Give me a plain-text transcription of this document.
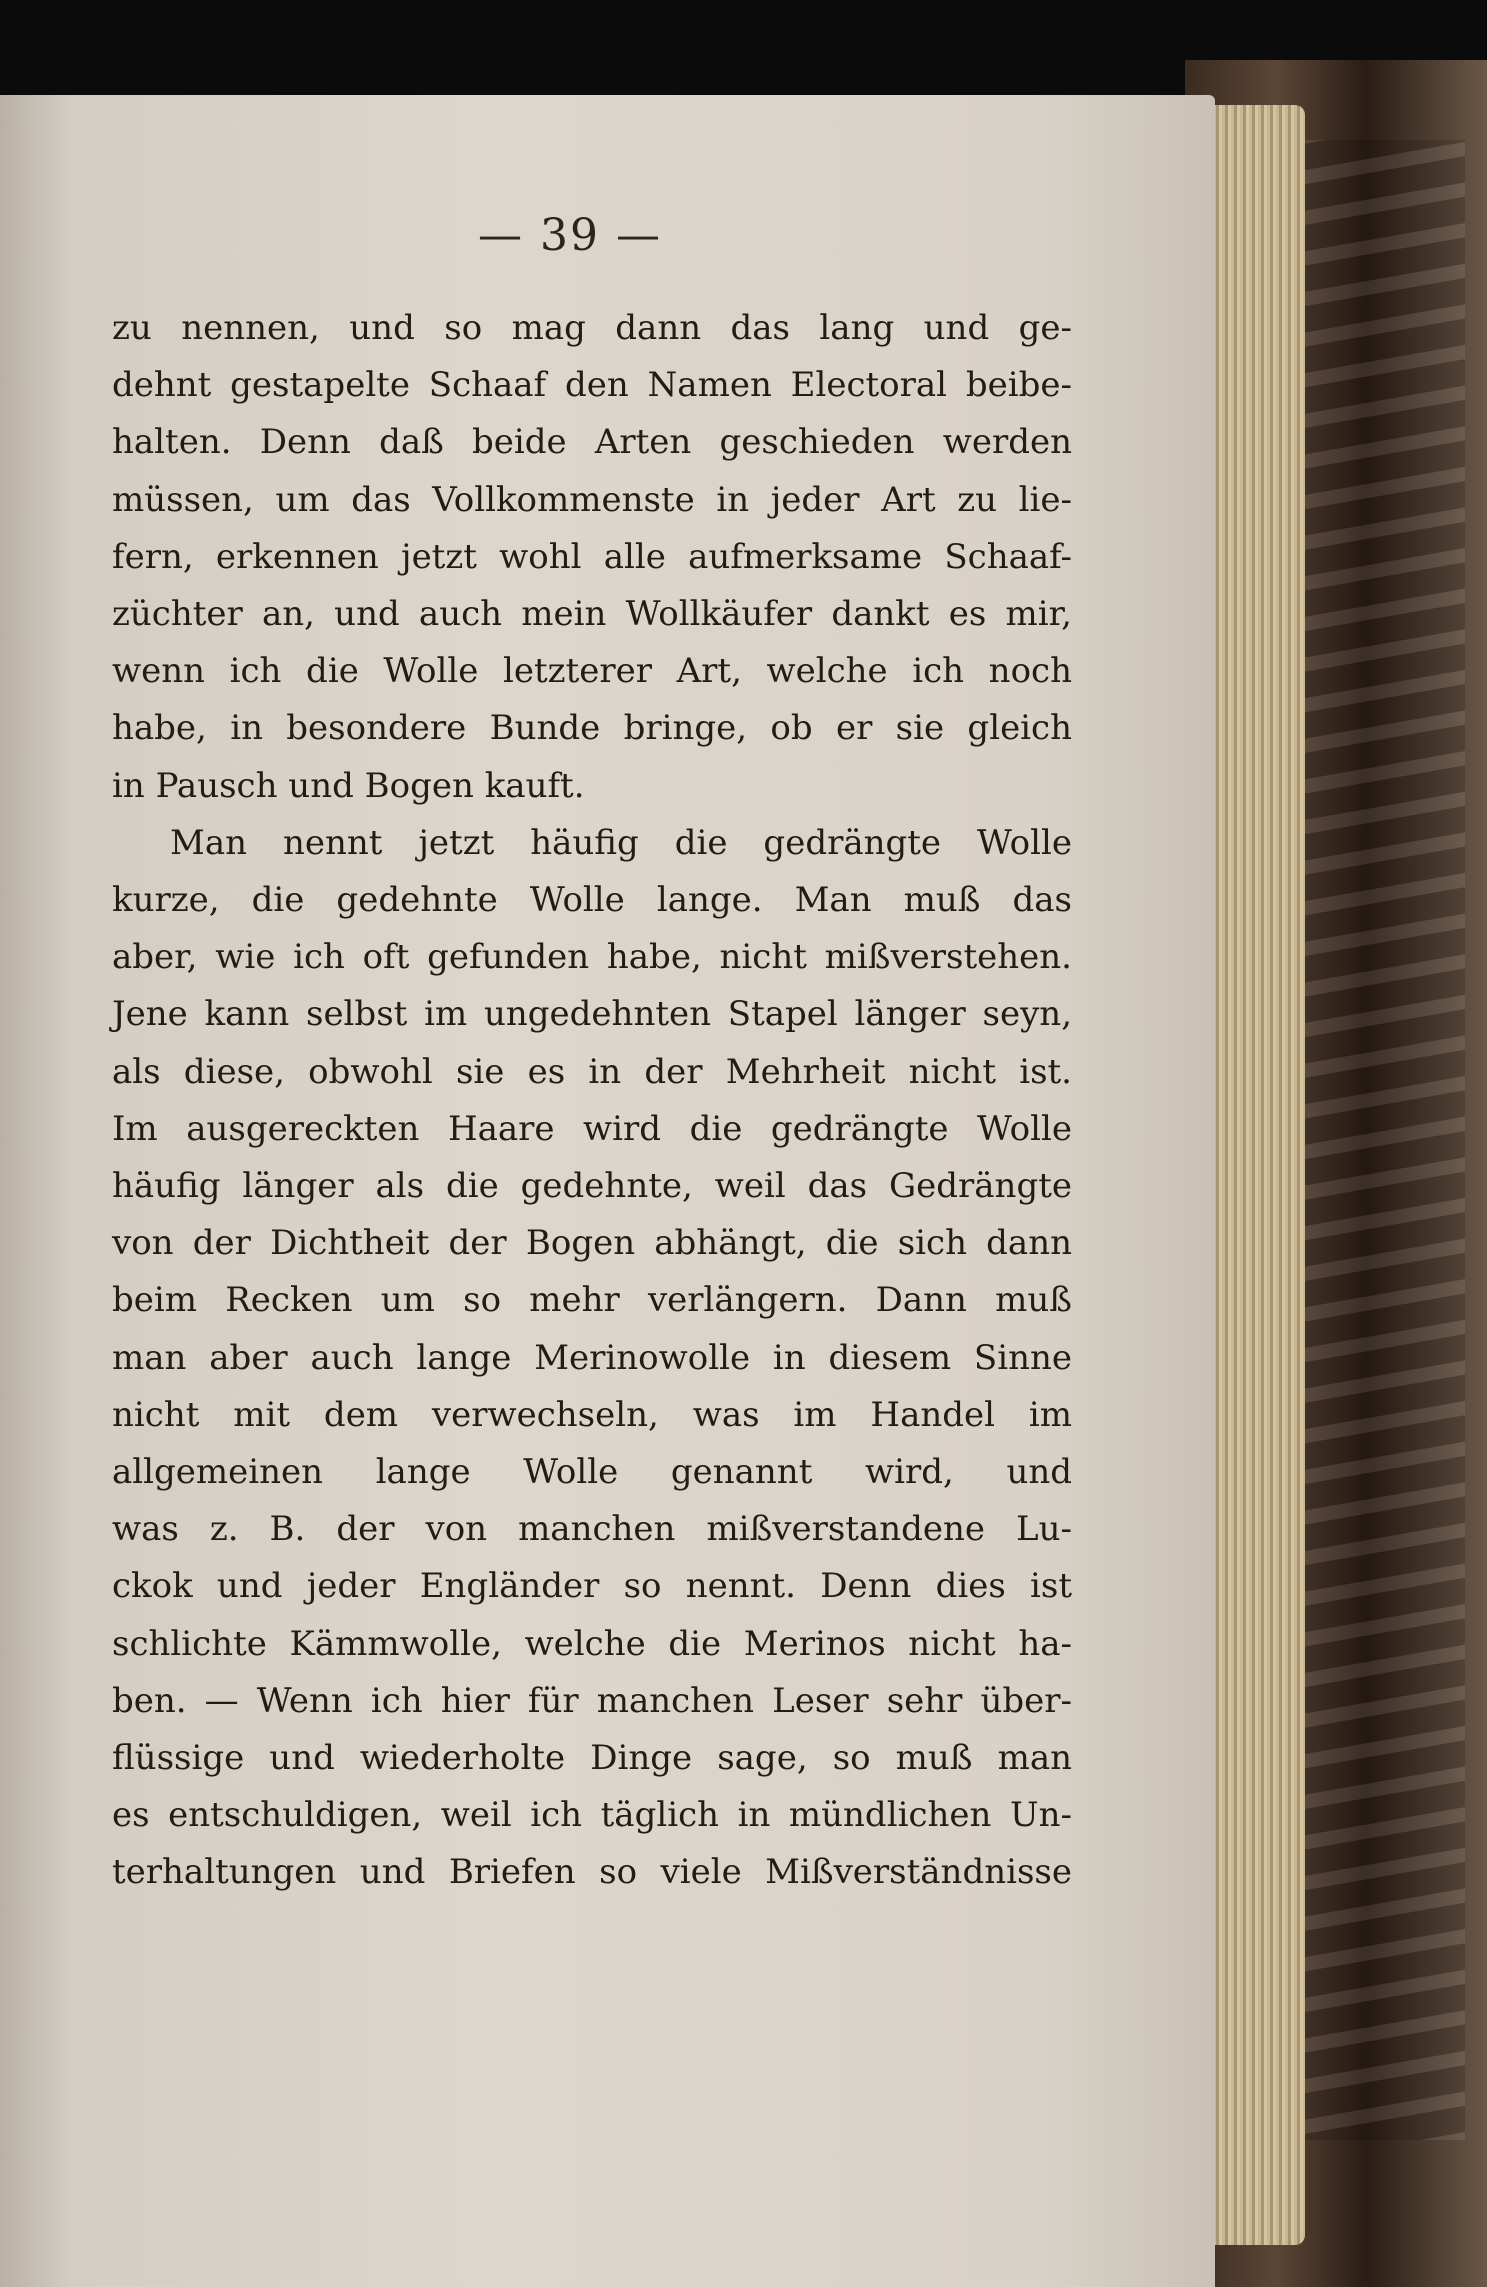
— 39 —
zu nennen, und so mag dann das lang und ge-
dehnt gestapelte Schaaf den Namen Electoral beibe-
halten. Denn daß beide Arten geschieden werden
müssen, um das Vollkommenste in jeder Art zu lie-
fern, erkennen jetzt wohl alle aufmerksame Schaaf-
züchter an, und auch mein Wollkäufer dankt es mir,
wenn ich die Wolle letzterer Art, welche ich noch
habe, in besondere Bunde bringe, ob er sie gleich
in Pausch und Bogen kauft.
Man nennt jetzt häufig die gedrängte Wolle
kurze, die gedehnte Wolle lange. Man muß das
aber, wie ich oft gefunden habe, nicht mißverstehen.
Jene kann selbst im ungedehnten Stapel länger seyn,
als diese, obwohl sie es in der Mehrheit nicht ist.
Im ausgereckten Haare wird die gedrängte Wolle
häufig länger als die gedehnte, weil das Gedrängte
von der Dichtheit der Bogen abhängt, die sich dann
beim Recken um so mehr verlängern. Dann muß
man aber auch lange Merinowolle in diesem Sinne
nicht mit dem verwechseln, was im Handel im
allgemeinen lange Wolle genannt wird, und
was z. B. der von manchen mißverstandene Lu-
ckok und jeder Engländer so nennt. Denn dies ist
schlichte Kämmwolle, welche die Merinos nicht ha-
ben. — Wenn ich hier für manchen Leser sehr über-
flüssige und wiederholte Dinge sage, so muß man
es entschuldigen, weil ich täglich in mündlichen Un-
terhaltungen und Briefen so viele Mißverständnisse
